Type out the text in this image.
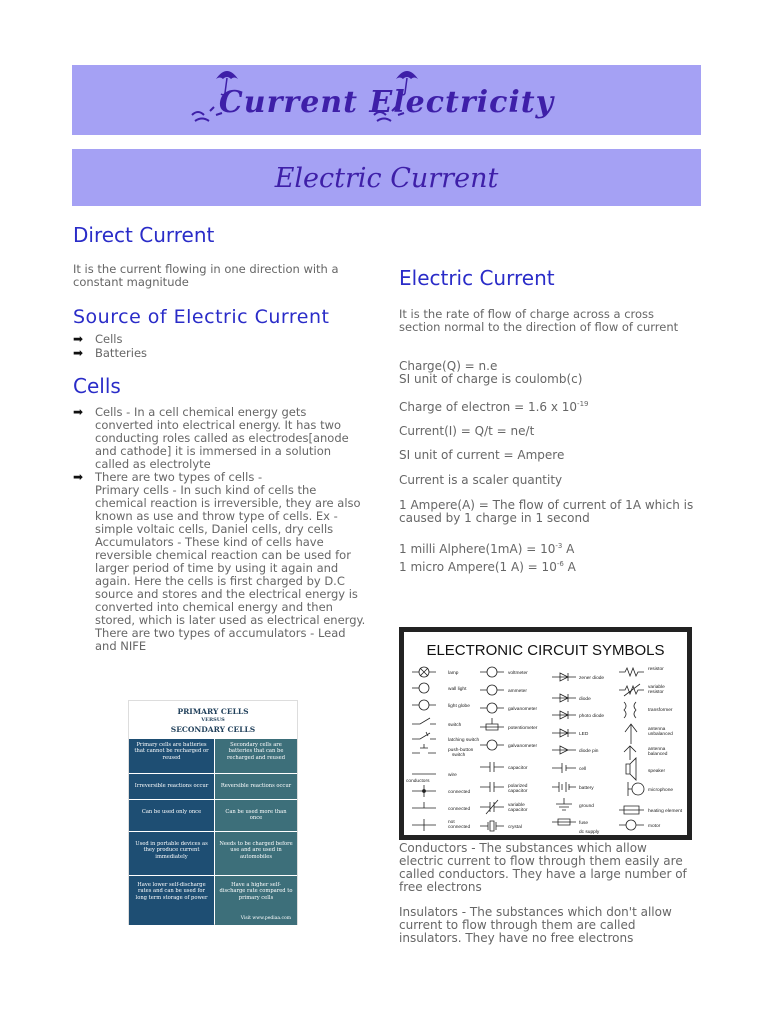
Current Electricity
Electric Current
Direct Current
It is the current flowing in one direction with a constant magnitude
Source of Electric Current
➡ Cells
➡ Batteries
Cells
➡ Cells - In a cell chemical energy gets converted into electrical energy. It has two conducting roles called as electrodes[anode and cathode] it is immersed in a solution called as electrolyte
➡ There are two types of cells -
Primary cells - In such kind of cells the chemical reaction is irreversible, they are also known as use and throw type of cells. Ex - simple voltaic cells, Daniel cells, dry cells
Accumulators - These kind of cells have reversible chemical reaction can be used for larger period of time by using it again and again. Here the cells is first charged by D.C source and stores and the electrical energy is converted into chemical energy and then stored, which is later used as electrical energy. There are two types of accumulators - Lead and NIFE
PRIMARY CELLS
VERSUS
SECONDARY CELLS
Primary cells are batteries that cannot be recharged or reused
Secondary cells are batteries that can be recharged and reused
Irreversible reactions occur	Reversible reactions occur
Can be used only once	Can be used more than once
Used in portable devices as they produce current immediately
Needs to be charged before use and are used in automobiles
Have lower self-discharge rates and can be used for long term storage of power
Have a higher self-discharge rate compared to primary cells
Visit www.pediaa.com
Electric Current
It is the rate of flow of charge across a cross section normal to the direction of flow of current
Charge(Q) = n.e
SI unit of charge is coulomb(c)
Charge of electron = 1.6 x $10^{-19}$
Current(I) = Q/t = ne/t
SI unit of current = Ampere
Current is a scaler quantity
1 Ampere(A) = The flow of current of 1A which is caused by 1 charge in 1 second
1 milli Alphere(1mA) = $10^{-3}$ A
1 micro Ampere(1 $A) = 10^{-6}$ A
ELECTRONIC CIRCUIT SYMBOLS
lamp
wall light
light globe
switch
latching switch
push-button
switch
wire
conductors
connected
connected
not
connected
voltmeter
ammeter
galvanometer
potentiometer
galvanometer
capacitor
polarized
capacitor
variable
capacitor
crystal
zener diode
diode
photo diode
LED
diode pin
cell
battery
ground
fuse
dc supply
resistor
variable
resistor
transformer
antenna
unbalanced
antenna
balanced
speaker
microphone
heating element
motor
Conductors - The substances which allow electric current to flow through them easily are called conductors. They have a large number of free electrons
Insulators - The substances which don't allow current to flow through them are called insulators. They have no free electrons
